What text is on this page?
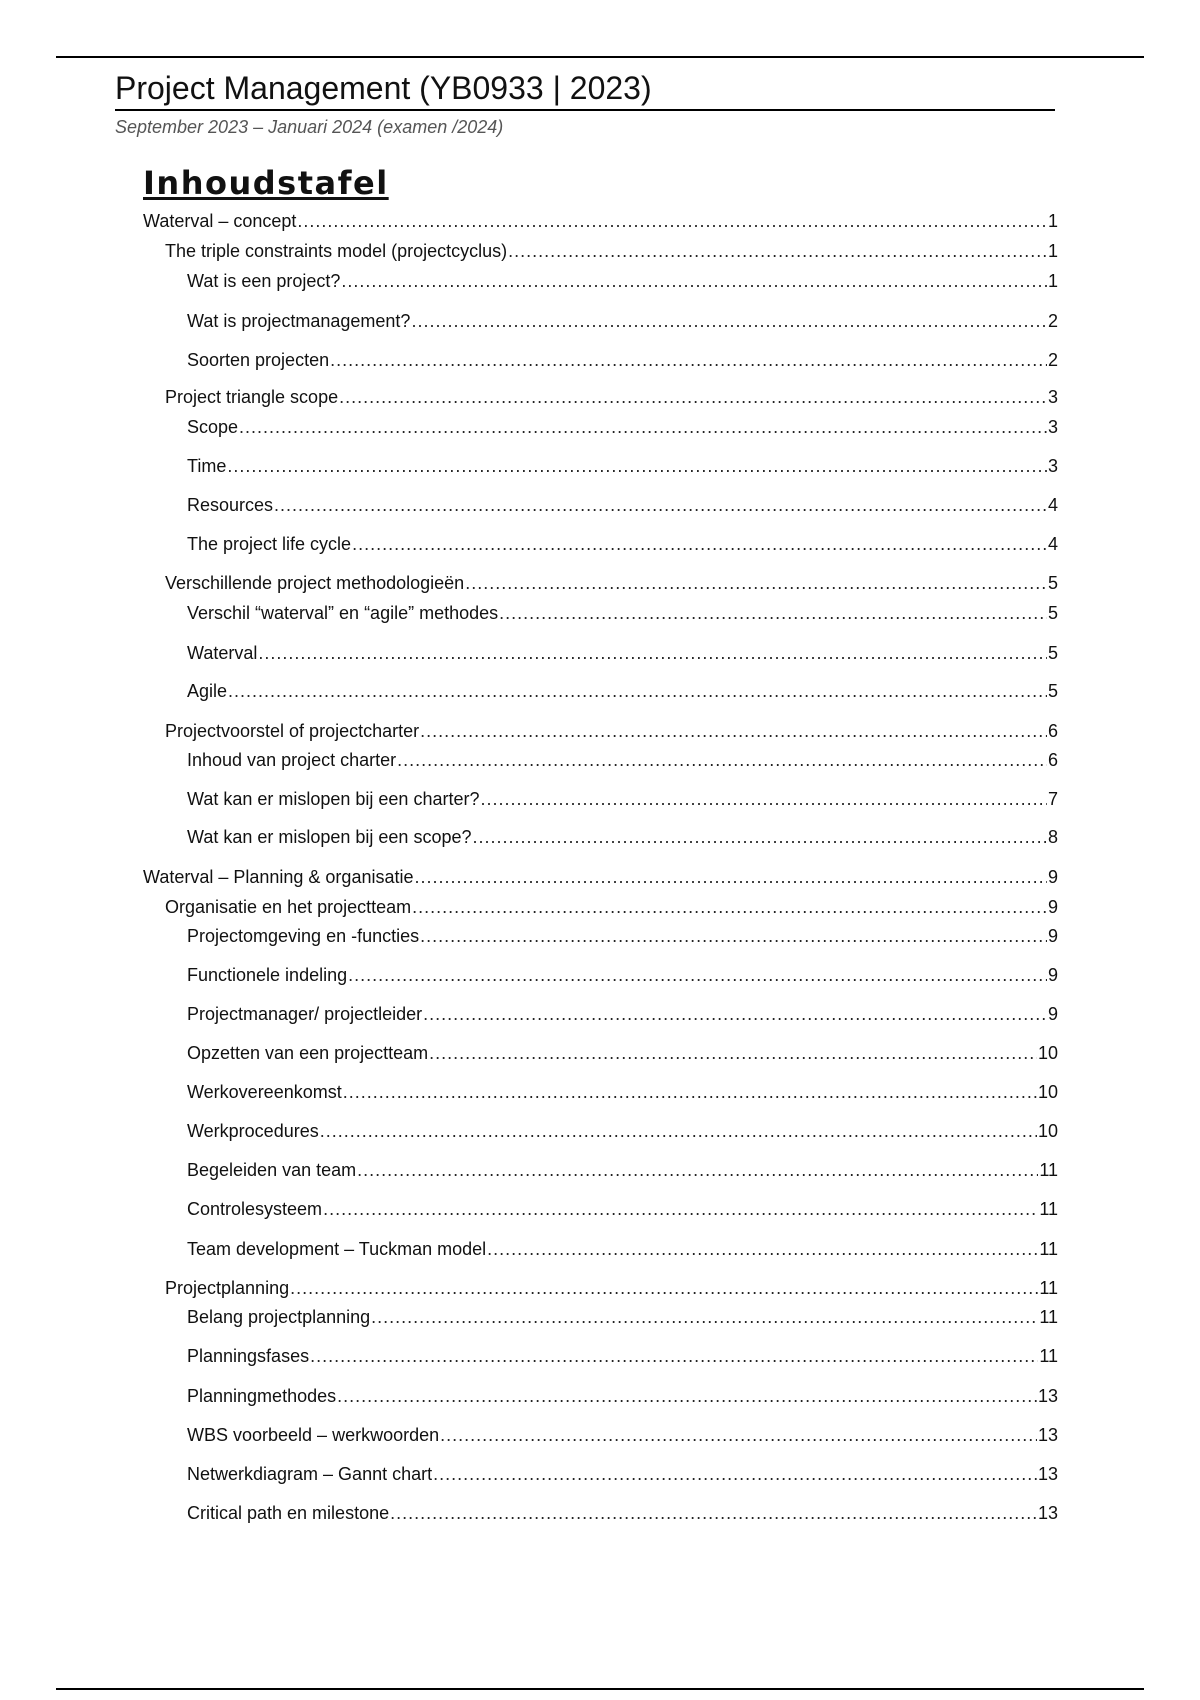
Project Management (YB0933 | 2023)
September 2023 – Januari 2024 (examen /2024)
Inhoudstafel
Waterval – concept .....	1
The triple constraints model (projectcyclus) .....	1
Wat is een project? .....	1
Wat is projectmanagement? .....	2
Soorten projecten .....	2
Project triangle scope .....	3
Scope .....	3
Time .....	3
Resources .....	4
The project life cycle .....	4
Verschillende project methodologieën .....	5
Verschil “waterval” en “agile” methodes .....	5
Waterval .....	5
Agile .....	5
Projectvoorstel of projectcharter .....	6
Inhoud van project charter .....	6
Wat kan er mislopen bij een charter? .....	7
Wat kan er mislopen bij een scope? .....	8
Waterval – Planning & organisatie .....	9
Organisatie en het projectteam .....	9
Projectomgeving en -functies .....	9
Functionele indeling .....	9
Projectmanager/ projectleider .....	9
Opzetten van een projectteam .....	10
Werkovereenkomst .....	10
Werkprocedures .....	10
Begeleiden van team .....	11
Controlesysteem .....	11
Team development – Tuckman model .....	11
Projectplanning .....	11
Belang projectplanning .....	11
Planningsfases .....	11
Planningmethodes .....	13
WBS voorbeeld – werkwoorden .....	13
Netwerkdiagram – Gannt chart .....	13
Critical path en milestone .....	13
